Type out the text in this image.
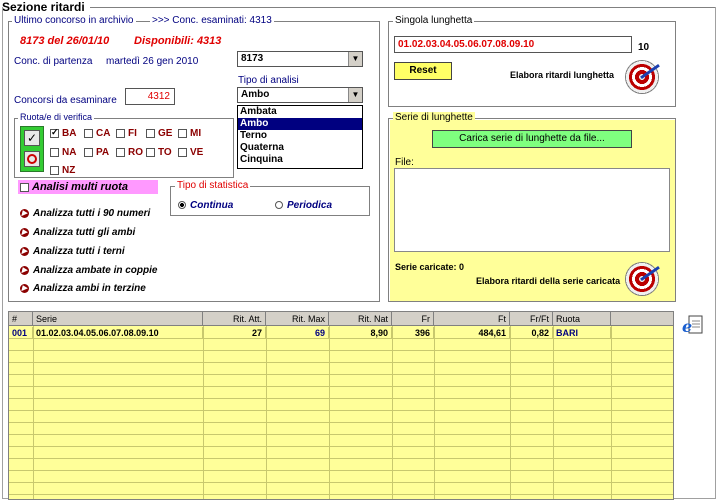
Sezione ritardi
Ultimo concorso in archivio >>> Conc. esaminati: 4313
8173 del 26/01/10 Disponibili: 4313
Conc. di partenza martedì 26 gen 2010	8173	▼
Tipo di analisi
Ambo	▼
Ambata
Ambo
Terno
Quaterna
Cinquina
Concorsi da esaminare	4312
Ruota/e di verifica
✓
✓	BA	CA	FI	GE	MI
NA	PA	RO	TO	VE
NZ
Analisi multi ruota	Tipo di statistica
Continua	Periodica
▶ Analizza tutti i 90 numeri
▶ Analizza tutti gli ambi
▶ Analizza tutti i terni
▶ Analizza ambate in coppie
▶ Analizza ambi in terzine
Singola lunghetta
01.02.03.04.05.06.07.08.09.10	10
Reset	Elabora ritardi lunghetta
Serie di lunghette
Carica serie di lunghette da file...
File:
Serie caricate: 0
Elabora ritardi della serie caricata
#	Serie	Rit. Att.	Rit. Max	Rit. Nat	Fr	Ft	Fr/Ft Ruota
001 01.02.03.04.05.06.07.08.09.10	27	69	8,90	396	484,61	0,82 BARI	e
